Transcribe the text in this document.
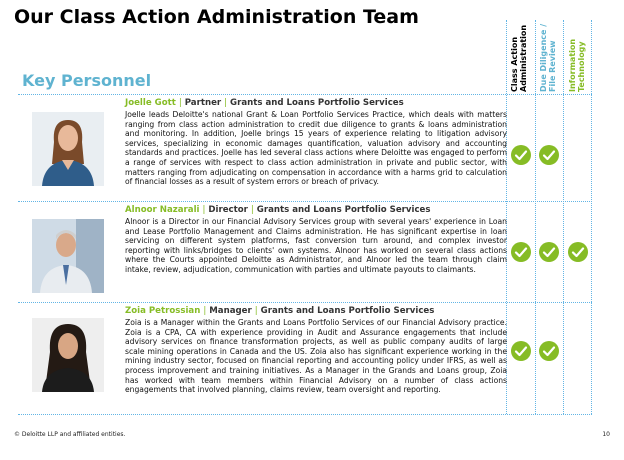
Our Class Action Administration Team
Key Personnel	Class Action Administration Due Diligence / File Review Information Technology
Joelle Gott | Partner | Grants and Loans Portfolio Services
Joelle leads Deloitte's national Grant & Loan Portfolio Services Practice, which deals with matters ranging from class action administration to credit due diligence to grants & loans administration and monitoring. In addition, Joelle brings 15 years of experience relating to litigation advisory services, specializing in economic damages quantification, valuation advisory and accounting standards and practices. Joelle has led several class actions where Deloitte was engaged to perform a range of services with respect to class action administration in private and public sector, with matters ranging from adjudicating on compensation in accordance with a harms grid to calculation of financial losses as a result of system errors or breach of privacy.
Alnoor Nazarali | Director | Grants and Loans Portfolio Services
Alnoor is a Director in our Financial Advisory Services group with several years' experience in Loan and Lease Portfolio Management and Claims administration. He has significant expertise in loan servicing on different system platforms, fast conversion turn around, and complex investor reporting with links/bridges to clients' own systems. Alnoor has worked on several class actions where the Courts appointed Deloitte as Administrator, and Alnoor led the team through claim intake, review, adjudication, communication with parties and ultimate payouts to claimants.
Zoia Petrossian | Manager | Grants and Loans Portfolio Services
Zoia is a Manager within the Grants and Loans Portfolio Services of our Financial Advisory practice. Zoia is a CPA, CA with experience providing in Audit and Assurance engagements that include advisory services on finance transformation projects, as well as public company audits of large scale mining operations in Canada and the US. Zoia also has significant experience working in the mining industry sector, focused on financial reporting and accounting policy under IFRS, as well as process improvement and training initiatives. As a Manager in the Grands and Loans group, Zoia has worked with team members within Financial Advisory on a number of class actions engagements that involved planning, claims review, team oversight and reporting.
© Deloitte LLP and affiliated entities.	10
